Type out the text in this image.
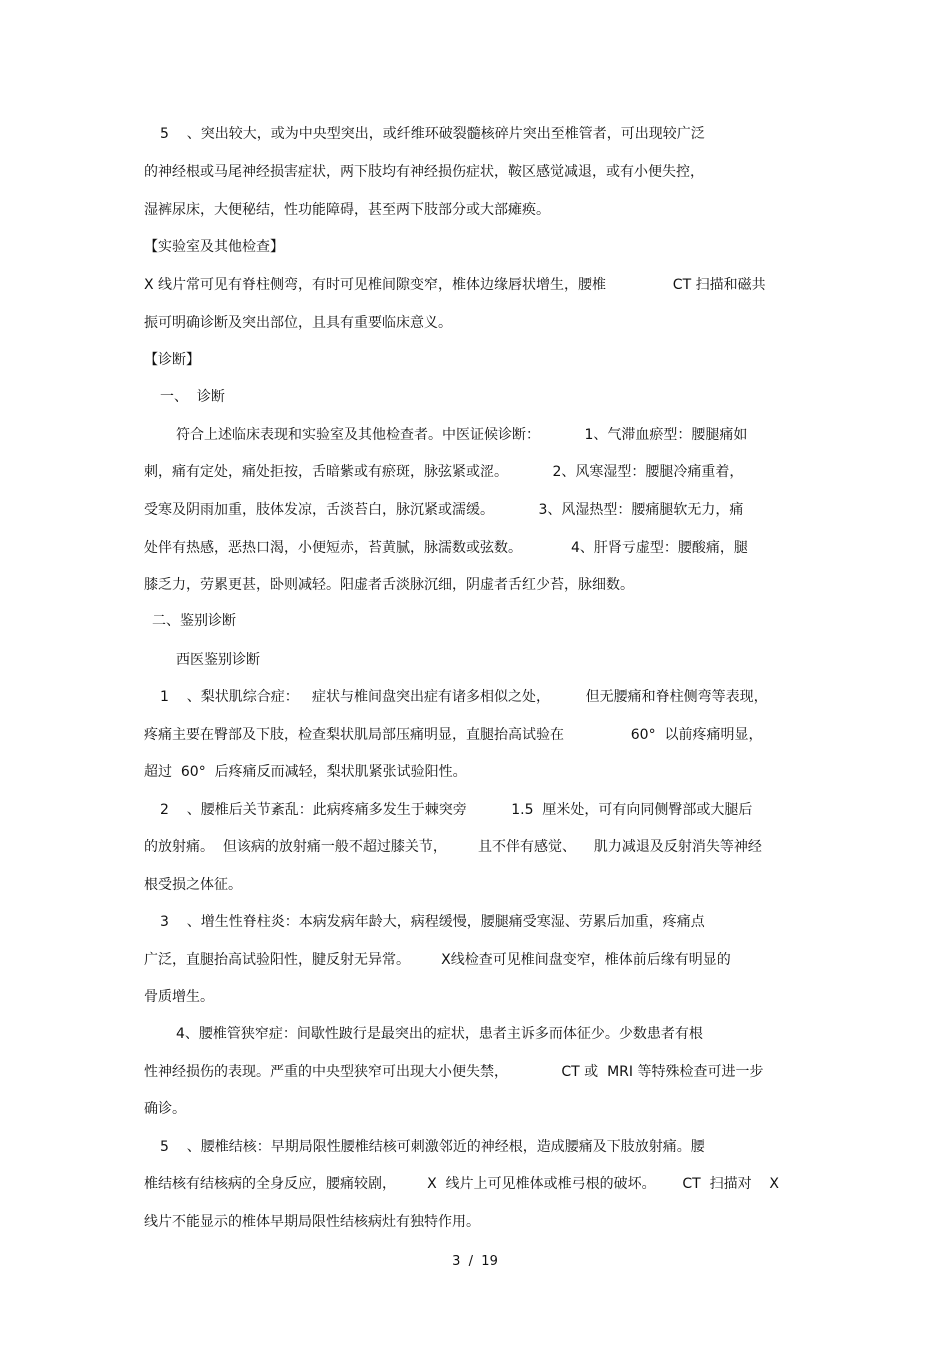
5    、突出较大，或为中央型突出，或纤维环破裂髓核碎片突出至椎管者，可出现较广泛
的神经根或马尾神经损害症状，两下肢均有神经损伤症状，鞍区感觉减退，或有小便失控，
湿裤尿床，大便秘结，性功能障碍，甚至两下肢部分或大部瘫痪。
【实验室及其他检查】
X 线片常可见有脊柱侧弯，有时可见椎间隙变窄，椎体边缘唇状增生，腰椎               CT 扫描和磁共
振可明确诊断及突出部位，且具有重要临床意义。
【诊断】
一、  诊断
符合上述临床表现和实验室及其他检查者。中医证候诊断：          1、气滞血瘀型：腰腿痛如
刺，痛有定处，痛处拒按，舌暗紫或有瘀斑，脉弦紧或涩。          2、风寒湿型：腰腿冷痛重着，
受寒及阴雨加重，肢体发凉，舌淡苔白，脉沉紧或濡缓。          3、风湿热型：腰痛腿软无力，痛
处伴有热感，恶热口渴，小便短赤，苔黄腻，脉濡数或弦数。           4、肝肾亏虚型：腰酸痛，腿
膝乏力，劳累更甚，卧则减轻。阳虚者舌淡脉沉细，阴虚者舌红少苔，脉细数。
二、鉴别诊断
西医鉴别诊断
1    、梨状肌综合症：   症状与椎间盘突出症有诸多相似之处，        但无腰痛和脊柱侧弯等表现，
疼痛主要在臀部及下肢，检查梨状肌局部压痛明显，直腿抬高试验在               60°  以前疼痛明显，
超过  60°  后疼痛反而减轻，梨状肌紧张试验阳性。
2    、腰椎后关节紊乱：此病疼痛多发生于棘突旁          1.5  厘米处，可有向同侧臀部或大腿后
的放射痛。  但该病的放射痛一般不超过膝关节，       且不伴有感觉、    肌力减退及反射消失等神经
根受损之体征。
3    、增生性脊柱炎：本病发病年龄大，病程缓慢，腰腿痛受寒湿、劳累后加重，疼痛点
广泛，直腿抬高试验阳性，腱反射无异常。       X线检查可见椎间盘变窄，椎体前后缘有明显的
骨质增生。
4、腰椎管狭窄症：间歇性跛行是最突出的症状，患者主诉多而体征少。少数患者有根
性神经损伤的表现。严重的中央型狭窄可出现大小便失禁，            CT 或  MRI 等特殊检查可进一步
确诊。
5    、腰椎结核：早期局限性腰椎结核可刺激邻近的神经根，造成腰痛及下肢放射痛。腰
椎结核有结核病的全身反应，腰痛较剧，       X  线片上可见椎体或椎弓根的破坏。      CT  扫描对    X
线片不能显示的椎体早期局限性结核病灶有独特作用。
3  /  19
